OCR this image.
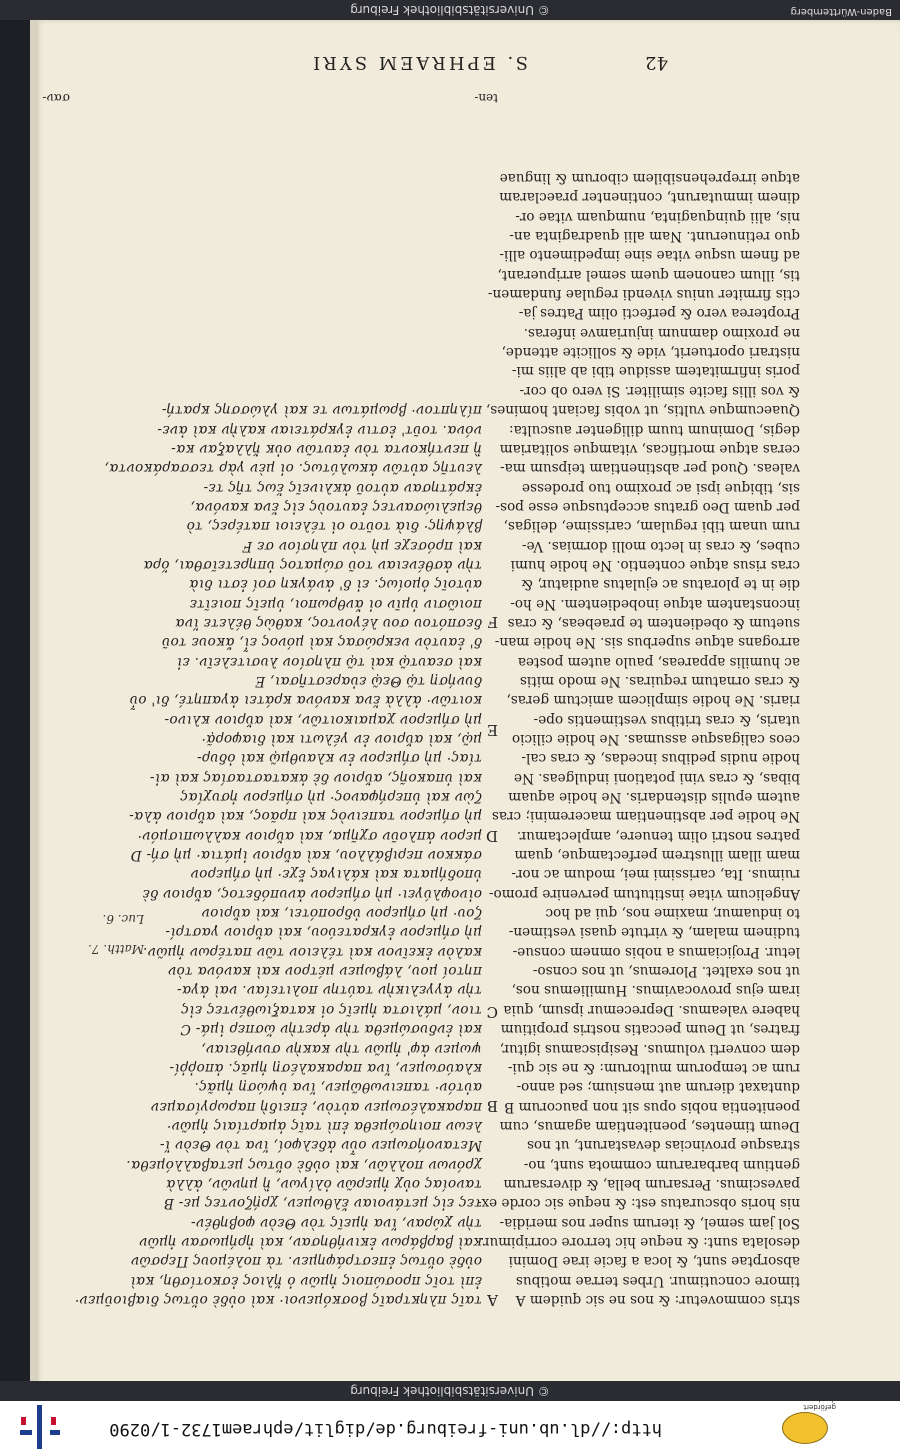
42
S. EPHRAEM SYRI
stris commovetur: & nos ne sic quidem A
timore concutimur. Urbes terrae motibus
absorptae sunt, & loca a facie irae Domini
desolata sunt: & neque hic terrore corripimur.
Sol jam semel, & iterum super nos meridia-
nis horis obscuratus est: & neque sic corde ex-
pavescimus. Persarum bella, & diversarum
gentium barbararum commota sunt, no-
strasque provincias devastarunt, ut nos
Deum timentes, poenitentiam agamus, cum
poenitentia nobis opus sit non paucorum B
duntaxat dierum aut mensium; sed anno-
rum ac temporum multorum: & ne sic qui-
dem converti volumus. Resipiscamus igitur,
fratres, ut Deum peccatis nostris propitium
habere valeamus. Deprecemur ipsum, quia
iram ejus provocavimus. Humiliemus nos,
ut nos exaltet. Ploremus, ut nos conso-
letur. Projiciamus a nobis omnem consue-
tudinem malam, & virtute quasi vestimen-
to induamur, maxime nos, qui ad hoc
Angelicum vitae institutum pervenire promo-
ruimus. Ita, carissimi mei, modum ac nor-
mam illam illustrem perfectamque, quam
patres nostri olim tenuere, amplectamur.
Ne hodie per abstinentiam maceremini; cras
autem epulis distendaris. Ne hodie aquam
bibas, & cras vini potationi indulgeas. Ne
hodie nudis pedibus incedas, & cras cal-
ceos caligasque assumas. Ne hodie cilicio
utaris, & cras tritibus vestimentis ope-
riaris. Ne hodie simplicem amictum geras,
& cras ornatum requiras. Ne modo mitis
ac humilis appareas, paulo autem postea
arrogans atque superbus sis. Ne hodie man-
suetum & obedientem te praebeas, & cras
inconstantem atque inobedientem. Ne ho-
die in te ploratus ac ejulatus audiatur, &
cras risus atque contentio. Ne hodie humi
cubes, & cras in lecto molli dormias. Ve-
rum unam tibi regulam, carissime, deligas,
per quam Deo gratus acceptusque esse pos-
sis, tibique ipsi ac proximo tuo prodesse
valeas. Quod per abstinentiam teipsum ma-
ceras atque mortificas, vitamque solitariam
degis, Dominum tuum diligenter ausculta:
Quaecumque vultis, ut vobis faciant homines,
& vos illis facite similiter. Si vero ob cor-
poris infirmitatem assidue tibi ab aliis mi-
nistrari oportuerit, vide & sollicite attende,
ne proximo damnum injuriamve inferas.
Propterea vero & perfecti olim Patres ja-
ctis firmiter unius vivendi regulae fundamen-
tis, illum canonem quem semel arripuerant,
ad finem usque vitae sine impedimento alli-
quo retinuerunt. Nam alii quadraginta an-
nis, alii quinquaginta, numquam vitae or-
dinem immutarunt, continenter praeclaram
atque irreprehensibilem ciborum & linguae
ταῖς πληκτραῖς βοσκόμενοι· καὶ οὐδὲ οὕτως διαβιοῦμεν·
ἐπὶ τοῖς προσώποις ἡμῶν ὁ ἥλιος ἐσκοτίσθη, καὶ
οὐδὲ οὕτως ἐπεστράφημεν. τὰ πολέμους Περσῶν
καὶ βαρβάρων ἐκινήθησαν, καὶ ἠρήμωσαν ἡμῶν
τὴν χώραν, ἵνα ἡμεῖς τὸν Θεὸν φοβηθέν-
τες εἰς μετάνοιαν ἔλθωμεν, χρῄζοντες με- B
τανοίας οὐχ ἡμερῶν ὀλίγων, ἢ μηνῶν, ἀλλὰ
χρόνων πολλῶν, καὶ οὐδὲ οὕτως μεταβαλλόμεθα.
Μετανοήσωμεν οὖν ἀδελφοί, ἵνα τὸν Θεὸν ἵ-
λεων ποιησώμεθα ἐπὶ ταῖς ἁμαρτίαις ἡμῶν·
παρακαλέσωμεν αὐτὸν, ἐπειδὴ παρωργίσαμεν
αὐτόν· ταπεινωθῶμεν, ἵνα ὑψώσῃ ἡμᾶς.
κλαύσωμεν, ἵνα παρακαλέσῃ ἡμᾶς. ἀποῤῥί-
ψωμεν ἀφ' ἡμῶν τὴν κακὴν συνήθειαν,
καὶ ἐνδυσώμεθα τὴν ἀρετὴν ὥσπερ ἱμά- C
τιον, μάλιστα ἡμεῖς οἱ καταξιωθέντες εἰς
τὴν ἀγγελικὴν ταύτην πολιτείαν. ναὶ ἀγα-
πητοί μου, λάβωμεν μέτρον καὶ κανόνα τὸν
καλὸν ἐκεῖνον καὶ τέλειον τῶν πατέρων ἡμῶν.
μὴ σήμερον ἐγκρατεύου, καὶ αὔριον γαστρί-
ζου· μὴ σήμερον ὑδροπότει, καὶ αὔριον
οἰνοφλύγει· μὴ σήμερον ἀνυπόδετος, αὔριον δὲ
ὑποδήματα καὶ κάλιγας ἔχε· μὴ σήμερον
σάκκον περιβάλλου, καὶ αὔριον ἱμάτια· μὴ σή- D
μερον ἁπλοῦν σχῆμα, καὶ αὔριον καλλωπισμόν·
μὴ σήμερον ταπεινὸς καὶ πρᾶος, καὶ αὔριον ἀλα-
ζὼν καὶ ὑπερήφανος· μὴ σήμερον ἡσυχίας
καὶ ὑπακοῆς, αὔριον δὲ ἀκαταστασίας καὶ αἰ-
τίας· μὴ σήμερον ἐν κλαυθμῷ καὶ ὀδυρ-
μῷ, καὶ αὔριον ἐν γέλωτι καὶ διαφορᾷ·
μὴ σήμερον χαμαικοιτῶν, καὶ αὔριον κλινο-
κοιτῶν· ἀλλὰ ἕνα κανόνα κράτει ἀγαπητέ, δι' οὗ
δυνήσῃ τῷ Θεῷ εὐαρεστῆσαι, E
καὶ σεαυτῷ καὶ τῷ πλησίον λυσιτελεῖν. εἰ
δ' ἑαυτὸν νεκρώσας καὶ μόνος εἶ, ἄκουε τοῦ
δεσπότου σου λέγοντος, καθὼς θέλετε ἵνα
ποιῶσιν ὑμῖν οἱ ἄνθρωποι, ὑμεῖς ποιεῖτε
αὐτοῖς ὁμοίως. εἰ δ' ἀνάγκη σοί ἐστι διὰ
τὴν ἀσθένειαν τοῦ σώματος ὑπηρετεῖσθαι, ὅρα
καὶ πρόσεχε μὴ τὸν πλησίον σε F
βλάψῃς· διὰ τοῦτο οἱ τέλειοι πατέρες, τὸ
θεμελιώσαντες ἑαυτοὺς εἰς ἕνα κανόνα,
ἐκράτησαν αὐτοῦ ἀκλινεῖς ἕως τῆς τε-
λευτῆς αὐτῶν ἀκωλύτως. οἱ μὲν γὰρ τεσσαράκοντα,
ἢ πεντήκοντα τὸν ἑαυτῶν οὐκ ἤλλαξαν κα-
νόνα. τοῦτ' ἐστιν ἐγκράτειαν καλὴν καὶ ἀνε-
πίληπτον· βρωμάτων τε καὶ γλώσσης κρατή-
A
B
C
D
E
F
Matth. 7.
Luc. 6.
ten-
σαν-
gefördert
http://dl.ub.uni-freiburg.de/diglit/ephraem1732-1/0290
© Universitätsbibliothek Freiburg
© Universitätsbibliothek Freiburg	Baden-Württemberg
